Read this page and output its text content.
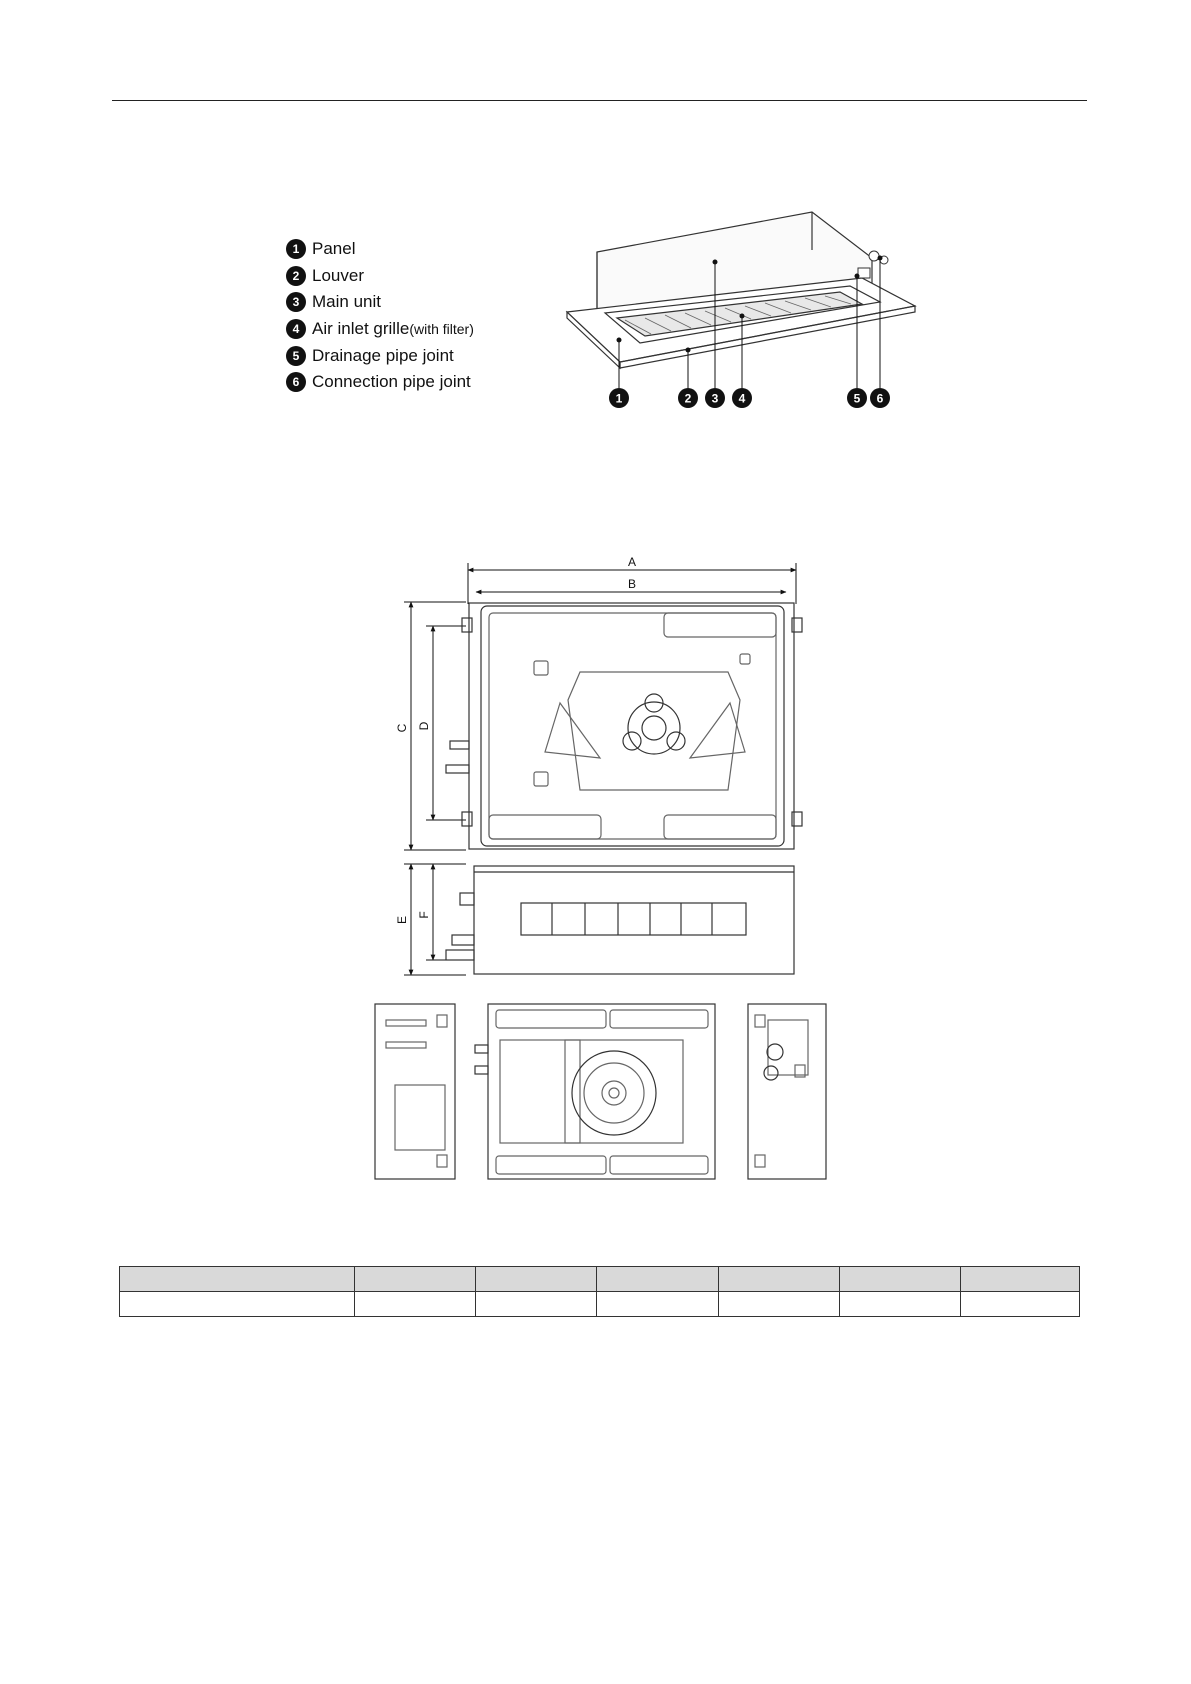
1 Panel
2 Louver
3 Main unit
4 Air inlet grille (with filter)
5 Drainage pipe joint
6 Connection pipe joint
1	2 3 4	5 6
A
B
C D
E
F
